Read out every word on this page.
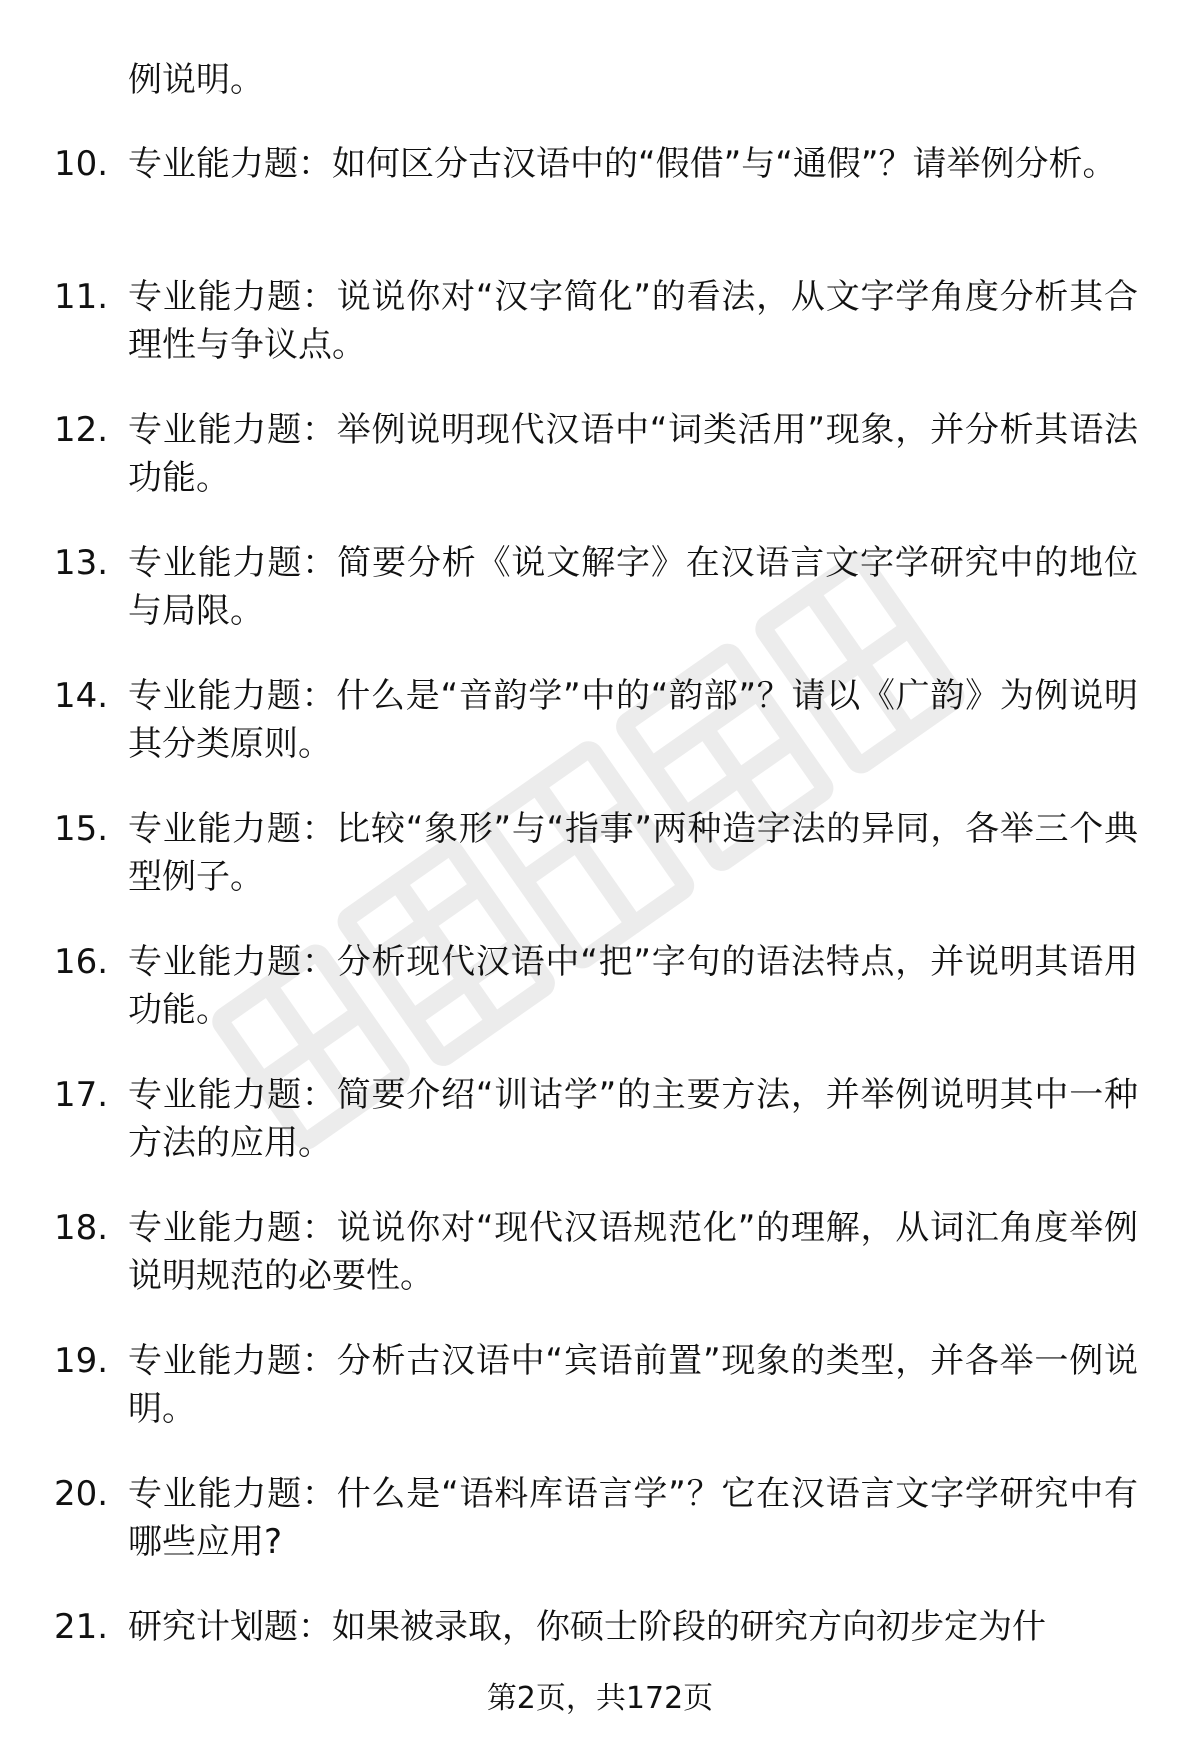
例说明。
10. 专业能力题：如何区分古汉语中的“假借”与“通假”？请举例分析。
11. 专业能力题：说说你对“汉字简化”的看法，从文字学角度分析其合理性与争议点。
12. 专业能力题：举例说明现代汉语中“词类活用”现象，并分析其语法功能。
13. 专业能力题：简要分析《说文解字》在汉语言文字学研究中的地位与局限。
14. 专业能力题：什么是“音韵学”中的“韵部”？请以《广韵》为例说明其分类原则。
15. 专业能力题：比较“象形”与“指事”两种造字法的异同，各举三个典型例子。
16. 专业能力题：分析现代汉语中“把”字句的语法特点，并说明其语用功能。
17. 专业能力题：简要介绍“训诂学”的主要方法，并举例说明其中一种方法的应用。
18. 专业能力题：说说你对“现代汉语规范化”的理解，从词汇角度举例说明规范的必要性。
19. 专业能力题：分析古汉语中“宾语前置”现象的类型，并各举一例说明。
20. 专业能力题：什么是“语料库语言学”？它在汉语言文字学研究中有哪些应用?
21. 研究计划题：如果被录取，你硕士阶段的研究方向初步定为什
第2页，共172页
